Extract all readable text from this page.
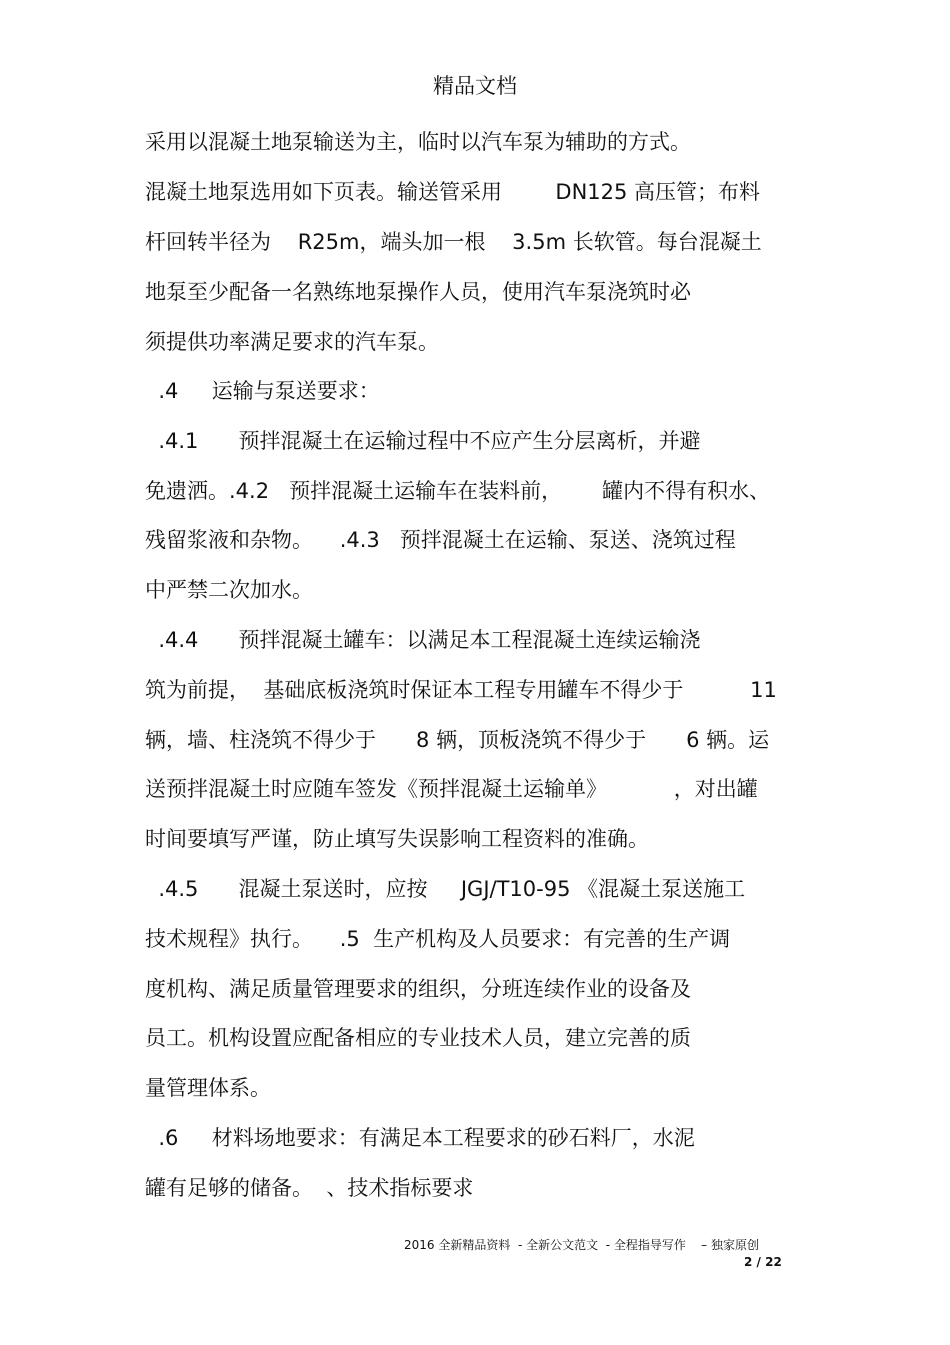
精品文档
采用以混凝土地泵输送为主，临时以汽车泵为辅助的方式。
混凝土地泵选用如下页表。输送管采用        DN125 高压管；布料
杆回转半径为    R25m，端头加一根    3.5m 长软管。每台混凝土
地泵至少配备一名熟练地泵操作人员，使用汽车泵浇筑时必
须提供功率满足要求的汽车泵。
.4     运输与泵送要求：
.4.1      预拌混凝土在运输过程中不应产生分层离析，并避
免遗洒。.4.2   预拌混凝土运输车在装料前，      罐内不得有积水、
残留浆液和杂物。    .4.3   预拌混凝土在运输、泵送、浇筑过程
中严禁二次加水。
.4.4      预拌混凝土罐车：以满足本工程混凝土连续运输浇
筑为前提，  基础底板浇筑时保证本工程专用罐车不得少于          11
辆，墙、柱浇筑不得少于      8 辆，顶板浇筑不得少于      6 辆。运
送预拌混凝土时应随车签发《预拌混凝土运输单》          ，对出罐
时间要填写严谨，防止填写失误影响工程资料的准确。
.4.5      混凝土泵送时，应按     JGJ/T10-95 《混凝土泵送施工
技术规程》执行。    .5  生产机构及人员要求：有完善的生产调
度机构、满足质量管理要求的组织，分班连续作业的设备及
员工。机构设置应配备相应的专业技术人员，建立完善的质
量管理体系。
.6     材料场地要求：有满足本工程要求的砂石料厂，水泥
罐有足够的储备。  、技术指标要求
2016 全新精品资料  - 全新公文范文  - 全程指导写作    – 独家原创
2 / 22
